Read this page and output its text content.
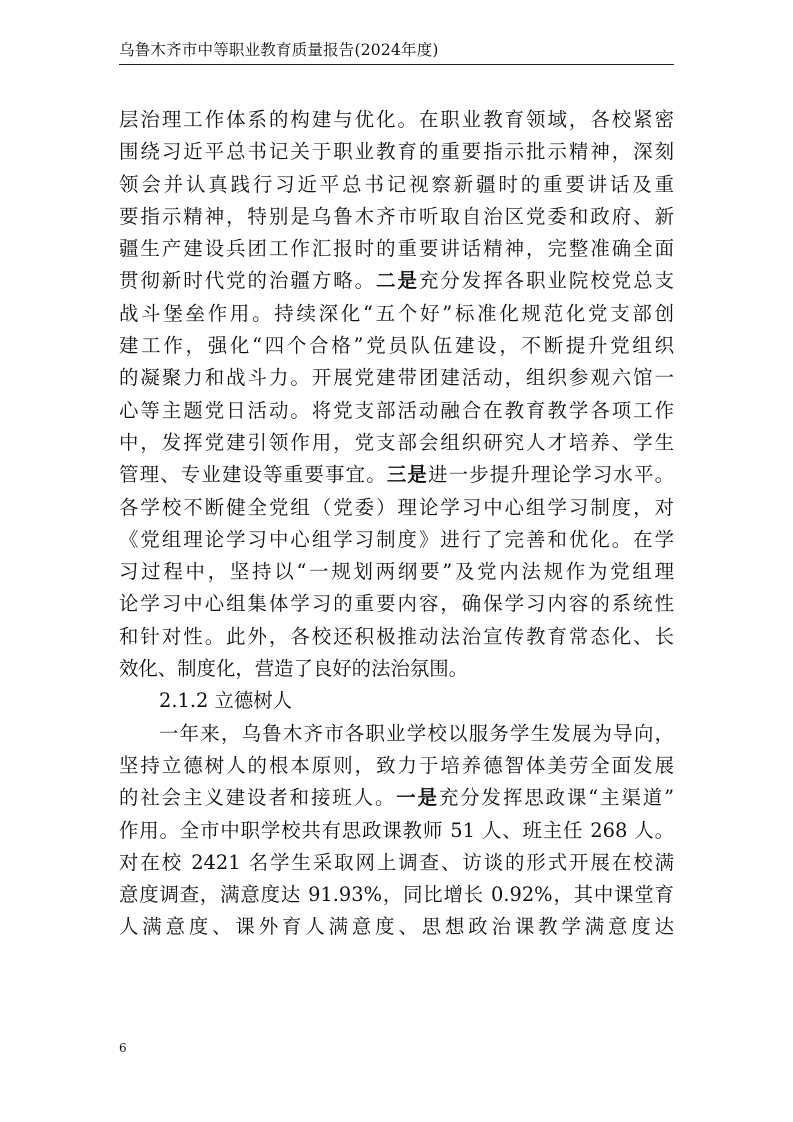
乌鲁木齐市中等职业教育质量报告(2024年度)
层治理工作体系的构建与优化。在职业教育领域，各校紧密
围绕习近平总书记关于职业教育的重要指示批示精神，深刻
领会并认真践行习近平总书记视察新疆时的重要讲话及重
要指示精神，特别是乌鲁木齐市听取自治区党委和政府、新
疆生产建设兵团工作汇报时的重要讲话精神，完整准确全面
贯彻新时代党的治疆方略。二是充分发挥各职业院校党总支
战斗堡垒作用。持续深化“五个好”标准化规范化党支部创
建工作，强化“四个合格”党员队伍建设，不断提升党组织
的凝聚力和战斗力。开展党建带团建活动，组织参观六馆一
心等主题党日活动。将党支部活动融合在教育教学各项工作
中，发挥党建引领作用，党支部会组织研究人才培养、学生
管理、专业建设等重要事宜。三是进一步提升理论学习水平。
各学校不断健全党组（党委）理论学习中心组学习制度，对
《党组理论学习中心组学习制度》进行了完善和优化。在学
习过程中，坚持以“一规划两纲要”及党内法规作为党组理
论学习中心组集体学习的重要内容，确保学习内容的系统性
和针对性。此外，各校还积极推动法治宣传教育常态化、长
效化、制度化，营造了良好的法治氛围。
2.1.2 立德树人
一年来，乌鲁木齐市各职业学校以服务学生发展为导向，
坚持立德树人的根本原则，致力于培养德智体美劳全面发展
的社会主义建设者和接班人。一是充分发挥思政课“主渠道”
作用。全市中职学校共有思政课教师 51 人、班主任 268 人。
对在校 2421 名学生采取网上调查、访谈的形式开展在校满
意度调查，满意度达 91.93%，同比增长 0.92%，其中课堂育
人满意度、课外育人满意度、思想政治课教学满意度达
6
